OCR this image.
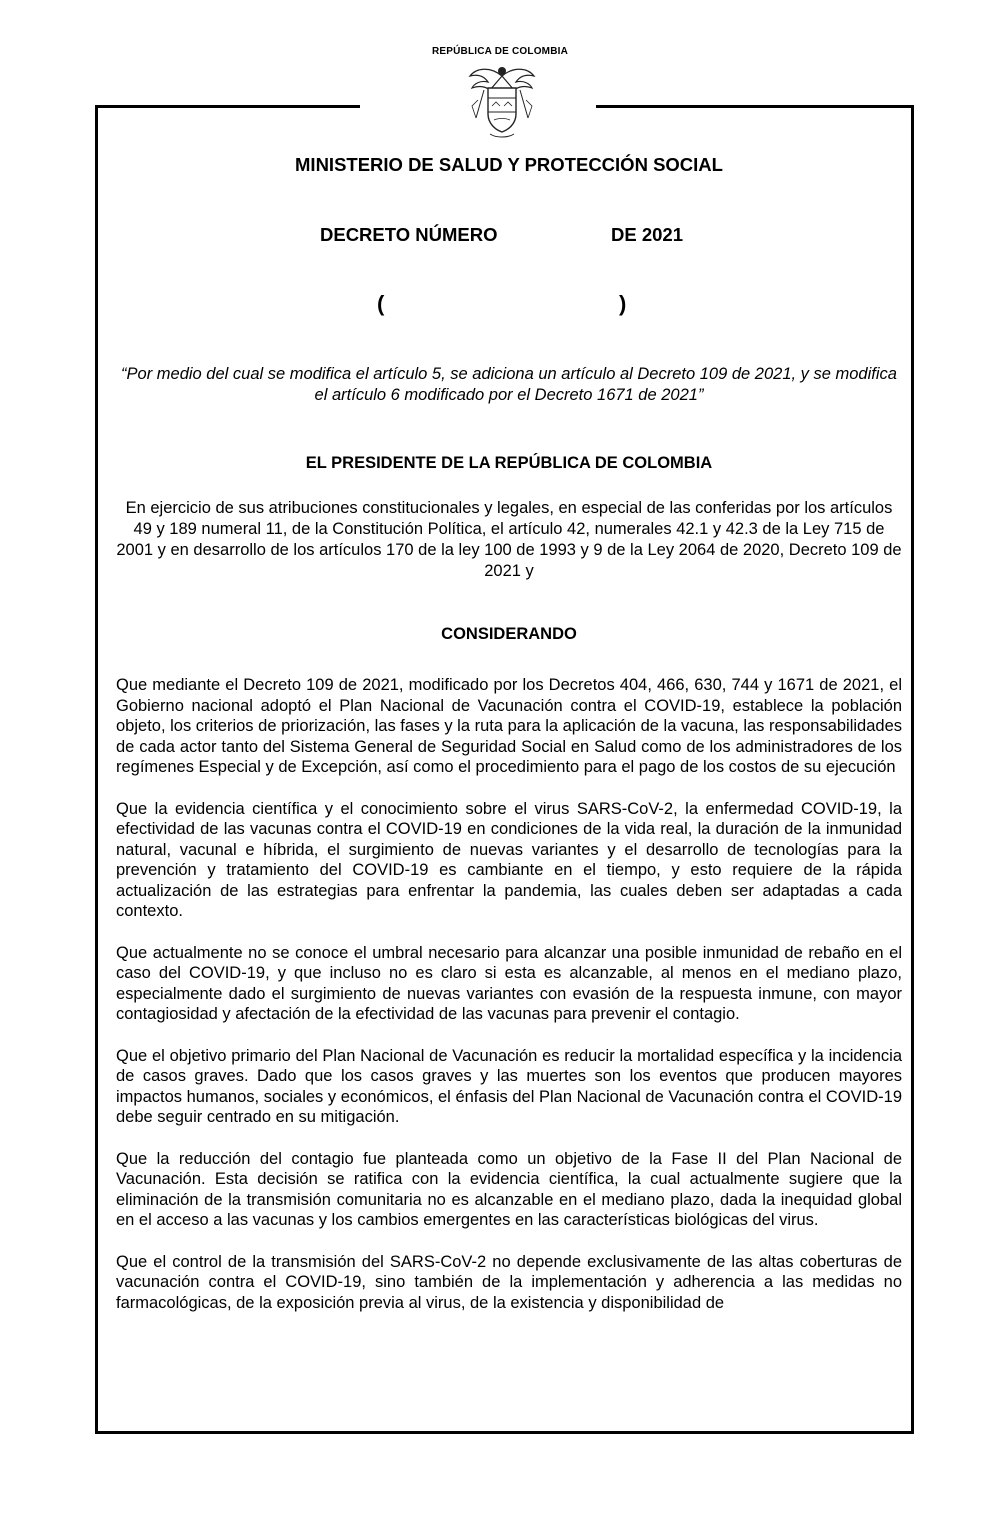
REPÚBLICA DE COLOMBIA
MINISTERIO DE SALUD Y PROTECCIÓN SOCIAL
DECRETO NÚMERO	DE 2021
(	)
“Por medio del cual se modifica el artículo 5, se adiciona un artículo al Decreto 109 de 2021, y se modifica el artículo 6 modificado por el Decreto 1671 de 2021”
EL PRESIDENTE DE LA REPÚBLICA DE COLOMBIA
En ejercicio de sus atribuciones constitucionales y legales, en especial de las conferidas por los artículos 49 y 189 numeral 11, de la Constitución Política, el artículo 42, numerales 42.1 y 42.3 de la Ley 715 de 2001 y en desarrollo de los artículos 170 de la ley 100 de 1993 y 9 de la Ley 2064 de 2020, Decreto 109 de 2021 y
CONSIDERANDO

Que mediante el Decreto 109 de 2021, modificado por los Decretos 404, 466, 630, 744 y 1671 de 2021, el Gobierno nacional adoptó el Plan Nacional de Vacunación contra el COVID-19, establece la población objeto, los criterios de priorización, las fases y la ruta para la aplicación de la vacuna, las responsabilidades de cada actor tanto del Sistema General de Seguridad Social en Salud como de los administradores de los regímenes Especial y de Excepción, así como el procedimiento para el pago de los costos de su ejecución

Que la evidencia científica y el conocimiento sobre el virus SARS-CoV-2, la enfermedad COVID-19, la efectividad de las vacunas contra el COVID-19 en condiciones de la vida real, la duración de la inmunidad natural, vacunal e híbrida, el surgimiento de nuevas variantes y el desarrollo de tecnologías para la prevención y tratamiento del COVID-19 es cambiante en el tiempo, y esto requiere de la rápida actualización de las estrategias para enfrentar la pandemia, las cuales deben ser adaptadas a cada contexto.

Que actualmente no se conoce el umbral necesario para alcanzar una posible inmunidad de rebaño en el caso del COVID-19, y que incluso no es claro si esta es alcanzable, al menos en el mediano plazo, especialmente dado el surgimiento de nuevas variantes con evasión de la respuesta inmune, con mayor contagiosidad y afectación de la efectividad de las vacunas para prevenir el contagio.

Que el objetivo primario del Plan Nacional de Vacunación es reducir la mortalidad específica y la incidencia de casos graves. Dado que los casos graves y las muertes son los eventos que producen mayores impactos humanos, sociales y económicos, el énfasis del Plan Nacional de Vacunación contra el COVID-19 debe seguir centrado en su mitigación.

Que la reducción del contagio fue planteada como un objetivo de la Fase II del Plan Nacional de Vacunación. Esta decisión se ratifica con la evidencia científica, la cual actualmente sugiere que la eliminación de la transmisión comunitaria no es alcanzable en el mediano plazo, dada la inequidad global en el acceso a las vacunas y los cambios emergentes en las características biológicas del virus.

Que el control de la transmisión del SARS-CoV-2 no depende exclusivamente de las altas coberturas de vacunación contra el COVID-19, sino también de la implementación y adherencia a las medidas no farmacológicas, de la exposición previa al virus, de la existencia y disponibilidad de
